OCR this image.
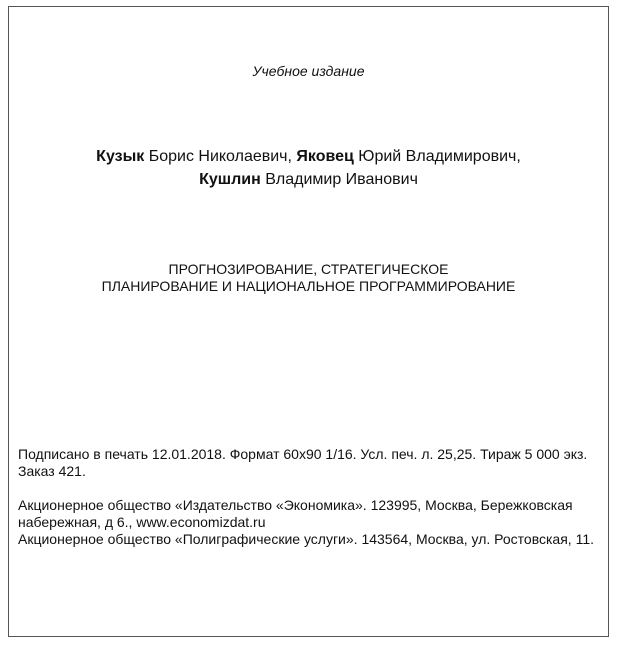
Учебное издание
Кузык Борис Николаевич, Яковец Юрий Владимирович,
Кушлин Владимир Иванович
ПРОГНОЗИРОВАНИЕ, СТРАТЕГИЧЕСКОЕ
ПЛАНИРОВАНИЕ И НАЦИОНАЛЬНОЕ ПРОГРАММИРОВАНИЕ

Подписано в печать 12.01.2018. Формат 60х90 1/16. Усл. печ. л. 25,25. Тираж 5 000 экз. Заказ 421.

Акционерное общество «Издательство «Экономика». 123995, Москва, Бережковская набережная, д 6., www.economizdat.ru

Акционерное общество «Полиграфические услуги». 143564, Москва, ул. Ростовская, 11.
